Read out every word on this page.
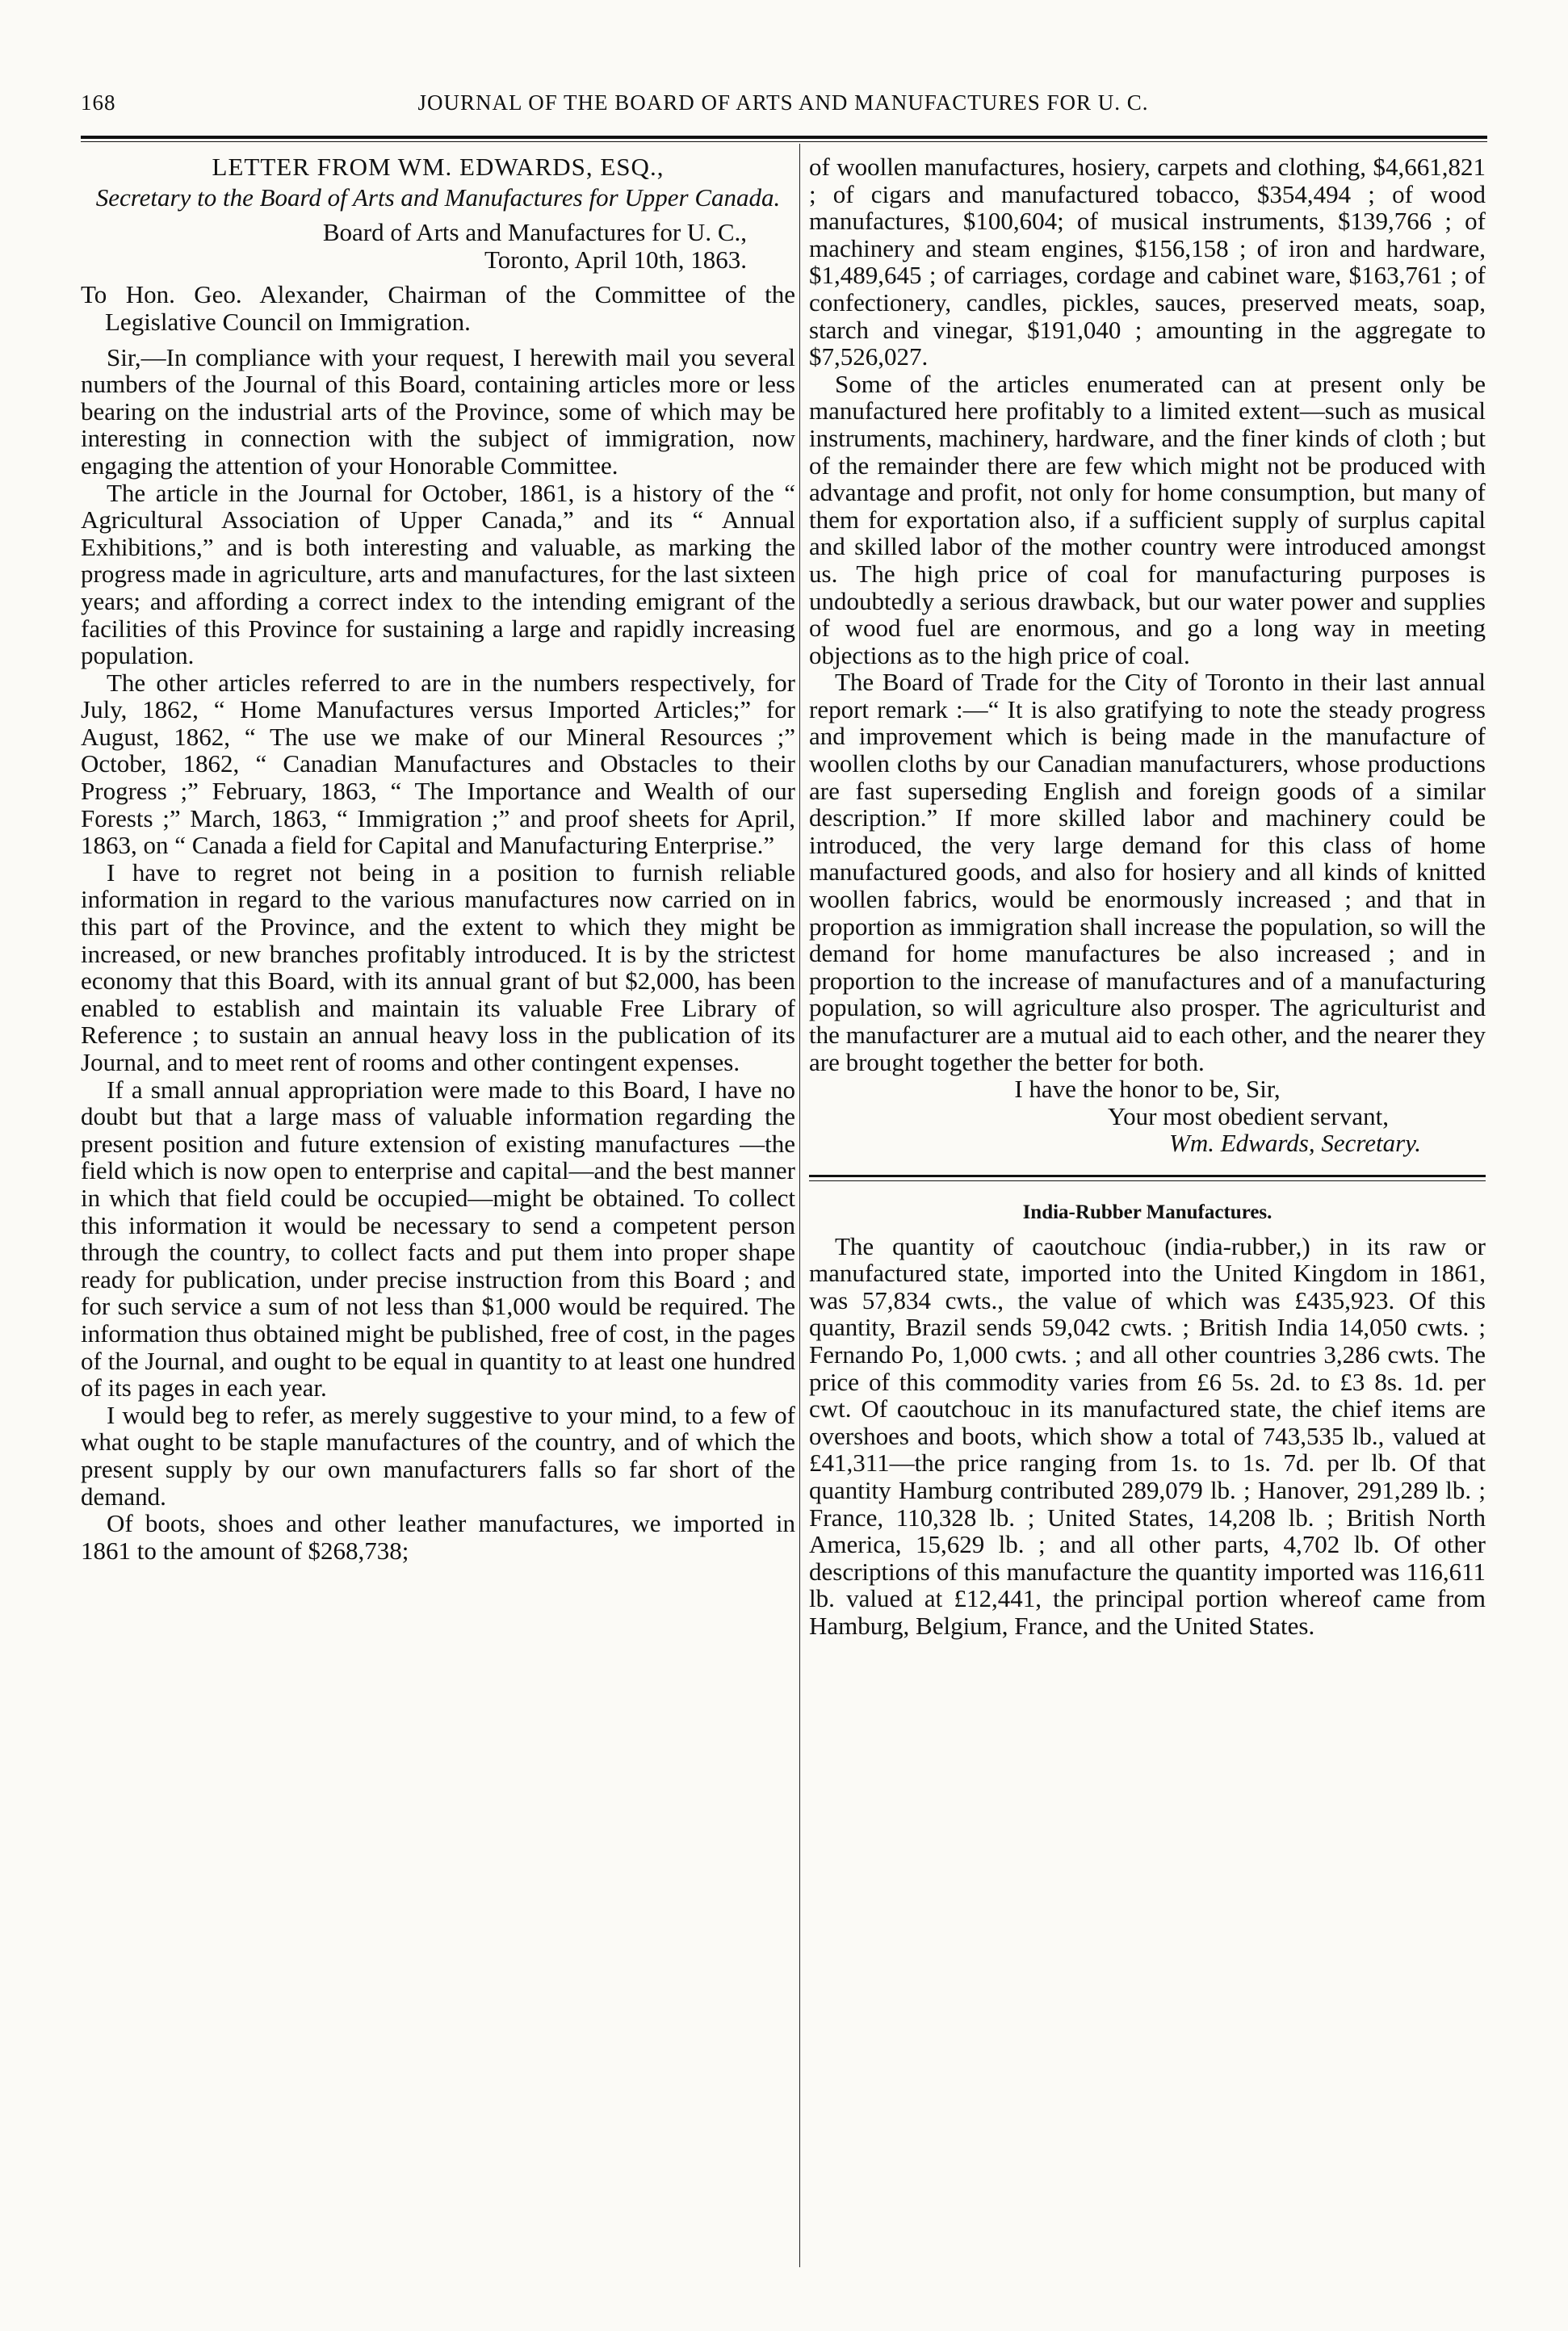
168	JOURNAL OF THE BOARD OF ARTS AND MANUFACTURES FOR U. C.

LETTER FROM WM. EDWARDS, ESQ.,

Secretary to the Board of Arts and Manufactures for Upper Canada.

Board of Arts and Manufactures for U. C.,

Toronto, April 10th, 1863.

To Hon. Geo. Alexander, Chairman of the Committee of the Legislative Council on Immigration.

Sir,—In compliance with your request, I herewith mail you several numbers of the Journal of this Board, containing articles more or less bearing on the industrial arts of the Province, some of which may be interesting in connection with the subject of immigration, now engaging the attention of your Honorable Committee.

The article in the Journal for October, 1861, is a history of the “ Agricultural Association of Upper Canada,” and its “ Annual Exhibitions,” and is both interesting and valuable, as marking the progress made in agriculture, arts and manufactures, for the last sixteen years; and affording a correct index to the intending emigrant of the facilities of this Province for sustaining a large and rapidly increasing population.

The other articles referred to are in the numbers respectively, for July, 1862, “ Home Manufactures versus Imported Articles;” for August, 1862, “ The use we make of our Mineral Resources ;” October, 1862, “ Canadian Manufactures and Obstacles to their Progress ;” February, 1863, “ The Importance and Wealth of our Forests ;” March, 1863, “ Immigration ;” and proof sheets for April, 1863, on “ Canada a field for Capital and Manufacturing Enterprise.”

I have to regret not being in a position to furnish reliable information in regard to the various manufactures now carried on in this part of the Province, and the extent to which they might be increased, or new branches profitably introduced. It is by the strictest economy that this Board, with its annual grant of but $2,000, has been enabled to establish and maintain its valuable Free Library of Reference ; to sustain an annual heavy loss in the publication of its Journal, and to meet rent of rooms and other contingent expenses.

If a small annual appropriation were made to this Board, I have no doubt but that a large mass of valuable information regarding the present position and future extension of existing manufactures —the field which is now open to enterprise and capital—and the best manner in which that field could be occupied—might be obtained. To collect this information it would be necessary to send a competent person through the country, to collect facts and put them into proper shape ready for publication, under precise instruction from this Board ; and for such service a sum of not less than $1,000 would be required. The information thus obtained might be published, free of cost, in the pages of the Journal, and ought to be equal in quantity to at least one hundred of its pages in each year.

I would beg to refer, as merely suggestive to your mind, to a few of what ought to be staple manufactures of the country, and of which the present supply by our own manufacturers falls so far short of the demand.

Of boots, shoes and other leather manufactures, we imported in 1861 to the amount of $268,738;

of woollen manufactures, hosiery, carpets and clothing, $4,661,821 ; of cigars and manufactured tobacco, $354,494 ; of wood manufactures, $100,604; of musical instruments, $139,766 ; of machinery and steam engines, $156,158 ; of iron and hardware, $1,489,645 ; of carriages, cordage and cabinet ware, $163,761 ; of confectionery, candles, pickles, sauces, preserved meats, soap, starch and vinegar, $191,040 ; amounting in the aggregate to $7,526,027.

Some of the articles enumerated can at present only be manufactured here profitably to a limited extent—such as musical instruments, machinery, hardware, and the finer kinds of cloth ; but of the remainder there are few which might not be produced with advantage and profit, not only for home consumption, but many of them for exportation also, if a sufficient supply of surplus capital and skilled labor of the mother country were introduced amongst us. The high price of coal for manufacturing purposes is undoubtedly a serious drawback, but our water power and supplies of wood fuel are enormous, and go a long way in meeting objections as to the high price of coal.

The Board of Trade for the City of Toronto in their last annual report remark :—“ It is also gratifying to note the steady progress and improvement which is being made in the manufacture of woollen cloths by our Canadian manufacturers, whose productions are fast superseding English and foreign goods of a similar description.” If more skilled labor and machinery could be introduced, the very large demand for this class of home manufactured goods, and also for hosiery and all kinds of knitted woollen fabrics, would be enormously increased ; and that in proportion as immigration shall increase the population, so will the demand for home manufactures be also increased ; and in proportion to the increase of manufactures and of a manufacturing population, so will agriculture also prosper. The agriculturist and the manufacturer are a mutual aid to each other, and the nearer they are brought together the better for both.

I have the honor to be, Sir,

Your most obedient servant,

Wm. Edwards, Secretary.

India-Rubber Manufactures.

The quantity of caoutchouc (india-rubber,) in its raw or manufactured state, imported into the United Kingdom in 1861, was 57,834 cwts., the value of which was £435,923. Of this quantity, Brazil sends 59,042 cwts. ; British India 14,050 cwts. ; Fernando Po, 1,000 cwts. ; and all other countries 3,286 cwts. The price of this commodity varies from £6 5s. 2d. to £3 8s. 1d. per cwt. Of caoutchouc in its manufactured state, the chief items are overshoes and boots, which show a total of 743,535 lb., valued at £41,311—the price ranging from 1s. to 1s. 7d. per lb. Of that quantity Hamburg contributed 289,079 lb. ; Hanover, 291,289 lb. ; France, 110,328 lb. ; United States, 14,208 lb. ; British North America, 15,629 lb. ; and all other parts, 4,702 lb. Of other descriptions of this manufacture the quantity imported was 116,611 lb. valued at £12,441, the principal portion whereof came from Hamburg, Belgium, France, and the United States.
